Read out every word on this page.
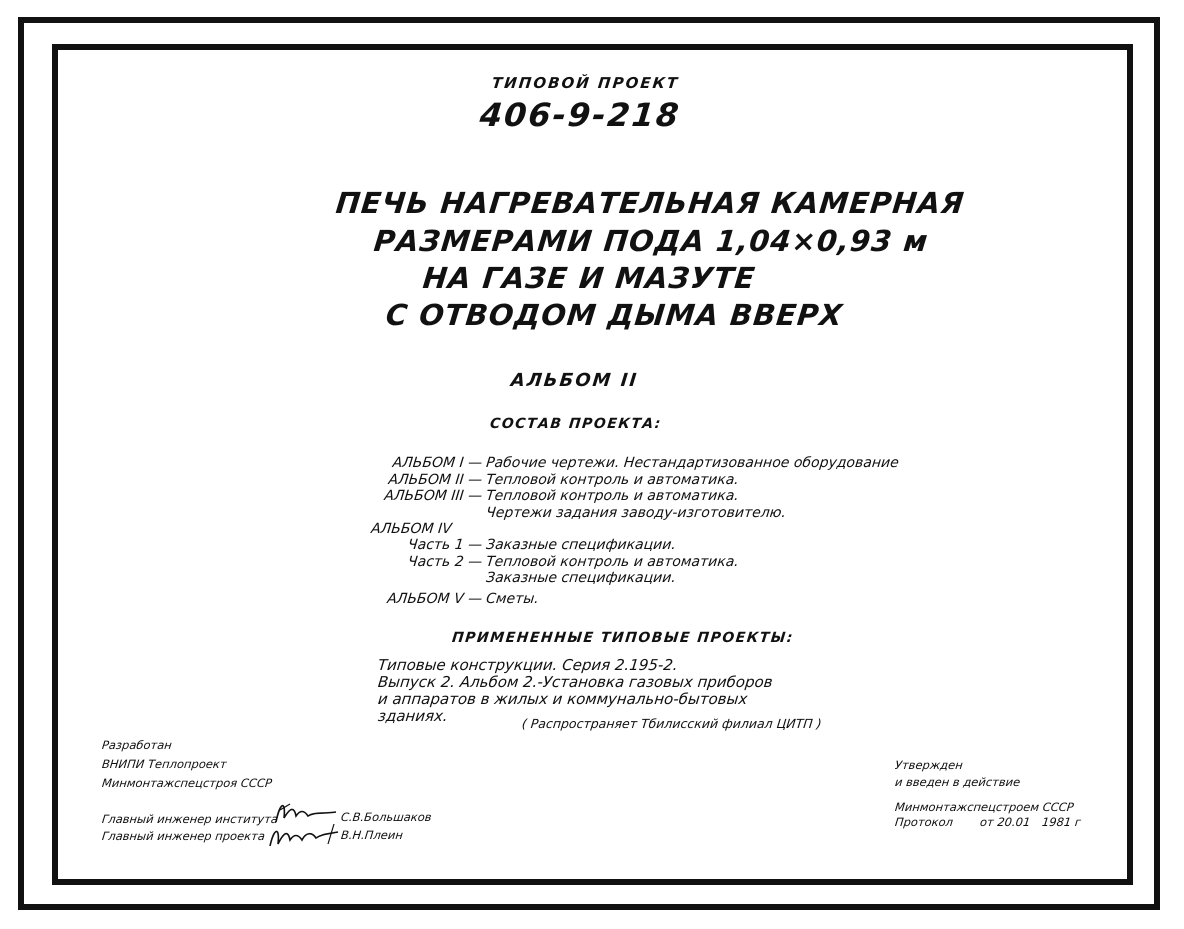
ТИПОВОЙ ПРОЕКТ
406-9-218
ПЕЧЬ НАГРЕВАТЕЛЬНАЯ КАМЕРНАЯ
РАЗМЕРАМИ ПОДА 1,04×0,93 м
НА ГАЗЕ И МАЗУТЕ
С ОТВОДОМ ДЫМА ВВЕРХ
АЛЬБОМ II
СОСТАВ ПРОЕКТА:
АЛЬБОМ I — Рабочие чертежи. Нестандартизованное оборудование
АЛЬБОМ II — Тепловой контроль и автоматика.
АЛЬБОМ III — Тепловой контроль и автоматика.
Чертежи задания заводу-изготовителю.
АЛЬБОМ IV
Часть 1 — Заказные спецификации.
Часть 2 — Тепловой контроль и автоматика.
Заказные спецификации.
АЛЬБОМ V — Сметы.
ПРИМЕНЕННЫЕ ТИПОВЫЕ ПРОЕКТЫ:
Типовые конструкции. Серия 2.195-2.
Выпуск 2. Альбом 2.-Установка газовых приборов
и аппаратов в жилых и коммунально-бытовых
зданиях.	( Распространяет Тбилисский филиал ЦИТП )
Разработан
ВНИПИ Теплопроект
Минмонтажспецстроя СССР
Главный инженер института	С.В.Большаков
Главный инженер проекта	В.Н.Плеин
Утвержден
и введен в действие
Минмонтажспецстроем СССР
Протокол от 20.01 1981 г
